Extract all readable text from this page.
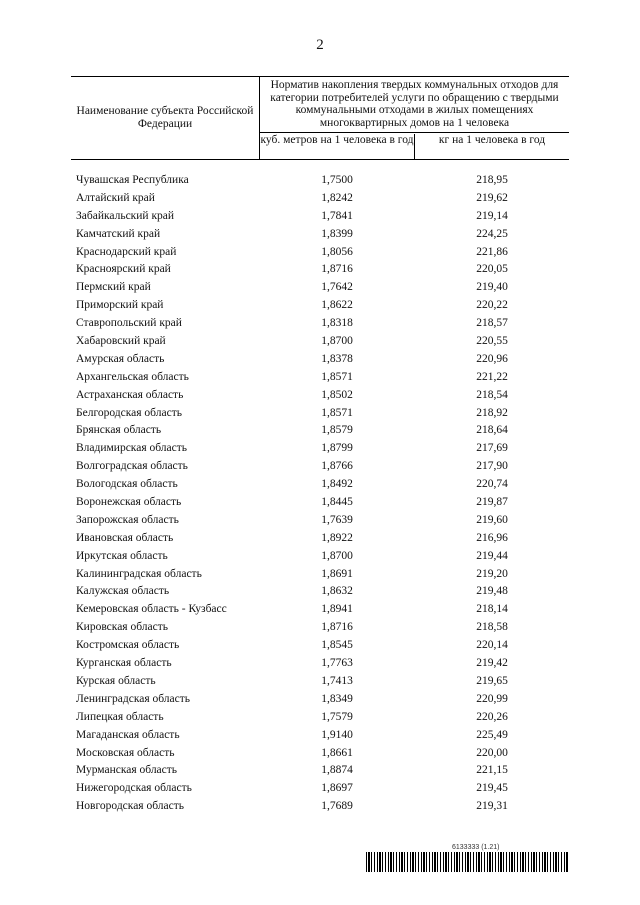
2
Наименование субъекта Российской Федерации
Норматив накопления твердых коммунальных отходов для категории потребителей услуги по обращению с твердыми коммунальными отходами в жилых помещениях многоквартирных домов на 1 человека
куб. метров на 1 человека в год	кг на 1 человека в год
Чувашская Республика	1,7500	218,95
Алтайский край	1,8242	219,62
Забайкальский край	1,7841	219,14
Камчатский край	1,8399	224,25
Краснодарский край	1,8056	221,86
Красноярский край	1,8716	220,05
Пермский край	1,7642	219,40
Приморский край	1,8622	220,22
Ставропольский край	1,8318	218,57
Хабаровский край	1,8700	220,55
Амурская область	1,8378	220,96
Архангельская область	1,8571	221,22
Астраханская область	1,8502	218,54
Белгородская область	1,8571	218,92
Брянская область	1,8579	218,64
Владимирская область	1,8799	217,69
Волгоградская область	1,8766	217,90
Вологодская область	1,8492	220,74
Воронежская область	1,8445	219,87
Запорожская область	1,7639	219,60
Ивановская область	1,8922	216,96
Иркутская область	1,8700	219,44
Калининградская область	1,8691	219,20
Калужская область	1,8632	219,48
Кемеровская область - Кузбасс	1,8941	218,14
Кировская область	1,8716	218,58
Костромская область	1,8545	220,14
Курганская область	1,7763	219,42
Курская область	1,7413	219,65
Ленинградская область	1,8349	220,99
Липецкая область	1,7579	220,26
Магаданская область	1,9140	225,49
Московская область	1,8661	220,00
Мурманская область	1,8874	221,15
Нижегородская область	1,8697	219,45
Новгородская область	1,7689	219,31
6133333 (1.21)
